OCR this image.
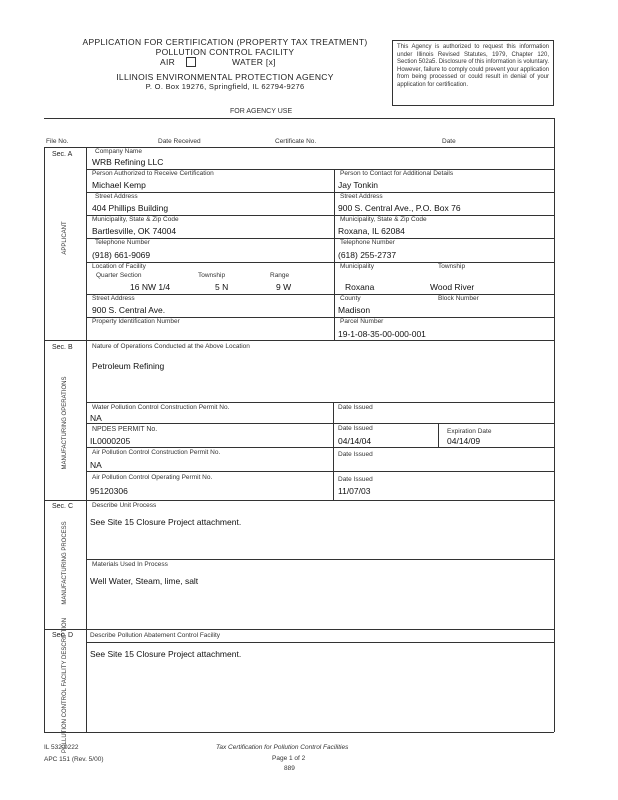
APPLICATION FOR CERTIFICATION (PROPERTY TAX TREATMENT)
POLLUTION CONTROL FACILITY
AIR	WATER [x]
ILLINOIS ENVIRONMENTAL PROTECTION AGENCY
P. O. Box 19276, Springfield, IL 62794-9276
This Agency is authorized to request this information under Illinois Revised Statutes, 1979, Chapter 120, Section 502a5. Disclosure of this information is voluntary. However, failure to comply could prevent your application from being processed or could result in denial of your application for certification.
FOR AGENCY USE
File No.	Date Received	Certificate No.	Date
Sec. A
APPLICANT
Company Name
WRB Refining LLC
Person Authorized to Receive Certification
Michael Kemp
Person to Contact for Additional Details
Jay Tonkin
Street Address
404 Phillips Building
Street Address
900 S. Central Ave., P.O. Box 76
Municipality, State & Zip Code
Bartlesville, OK 74004
Municipality, State & Zip Code
Roxana, IL 62084
Telephone Number
(918) 661-9069
Telephone Number
(618) 255-2737
Location of Facility
Quarter Section
16 NW 1/4
Township
5 N
Range
9 W
Municipality
Roxana
Township
Wood River
Street Address
900 S. Central Ave.
County
Madison
Block Number
Property Identification Number	Parcel Number
19-1-08-35-00-000-001
Sec. B
MANUFACTURING OPERATIONS
Nature of Operations Conducted at the Above Location
Petroleum Refining
Water Pollution Control Construction Permit No.
NA
Date Issued
NPDES PERMIT No.
IL0000205
Date Issued
04/14/04
Expiration Date
04/14/09
Air Pollution Control Construction Permit No.
NA
Date Issued
Air Pollution Control Operating Permit No.
95120306
Date Issued
11/07/03
Sec. C
MANUFACTURING PROCESS
Describe Unit Process
See Site 15 Closure Project attachment.
Materials Used In Process
Well Water, Steam, lime, salt
Sec. D
POLLUTION CONTROL FACILITY DESCRIPTION	Describe Pollution Abatement Control Facility
See Site 15 Closure Project attachment.
IL 532-0222
APC 151 (Rev. 5/00)
Tax Certification for Pollution Control Facilities
Page 1 of 2
889
